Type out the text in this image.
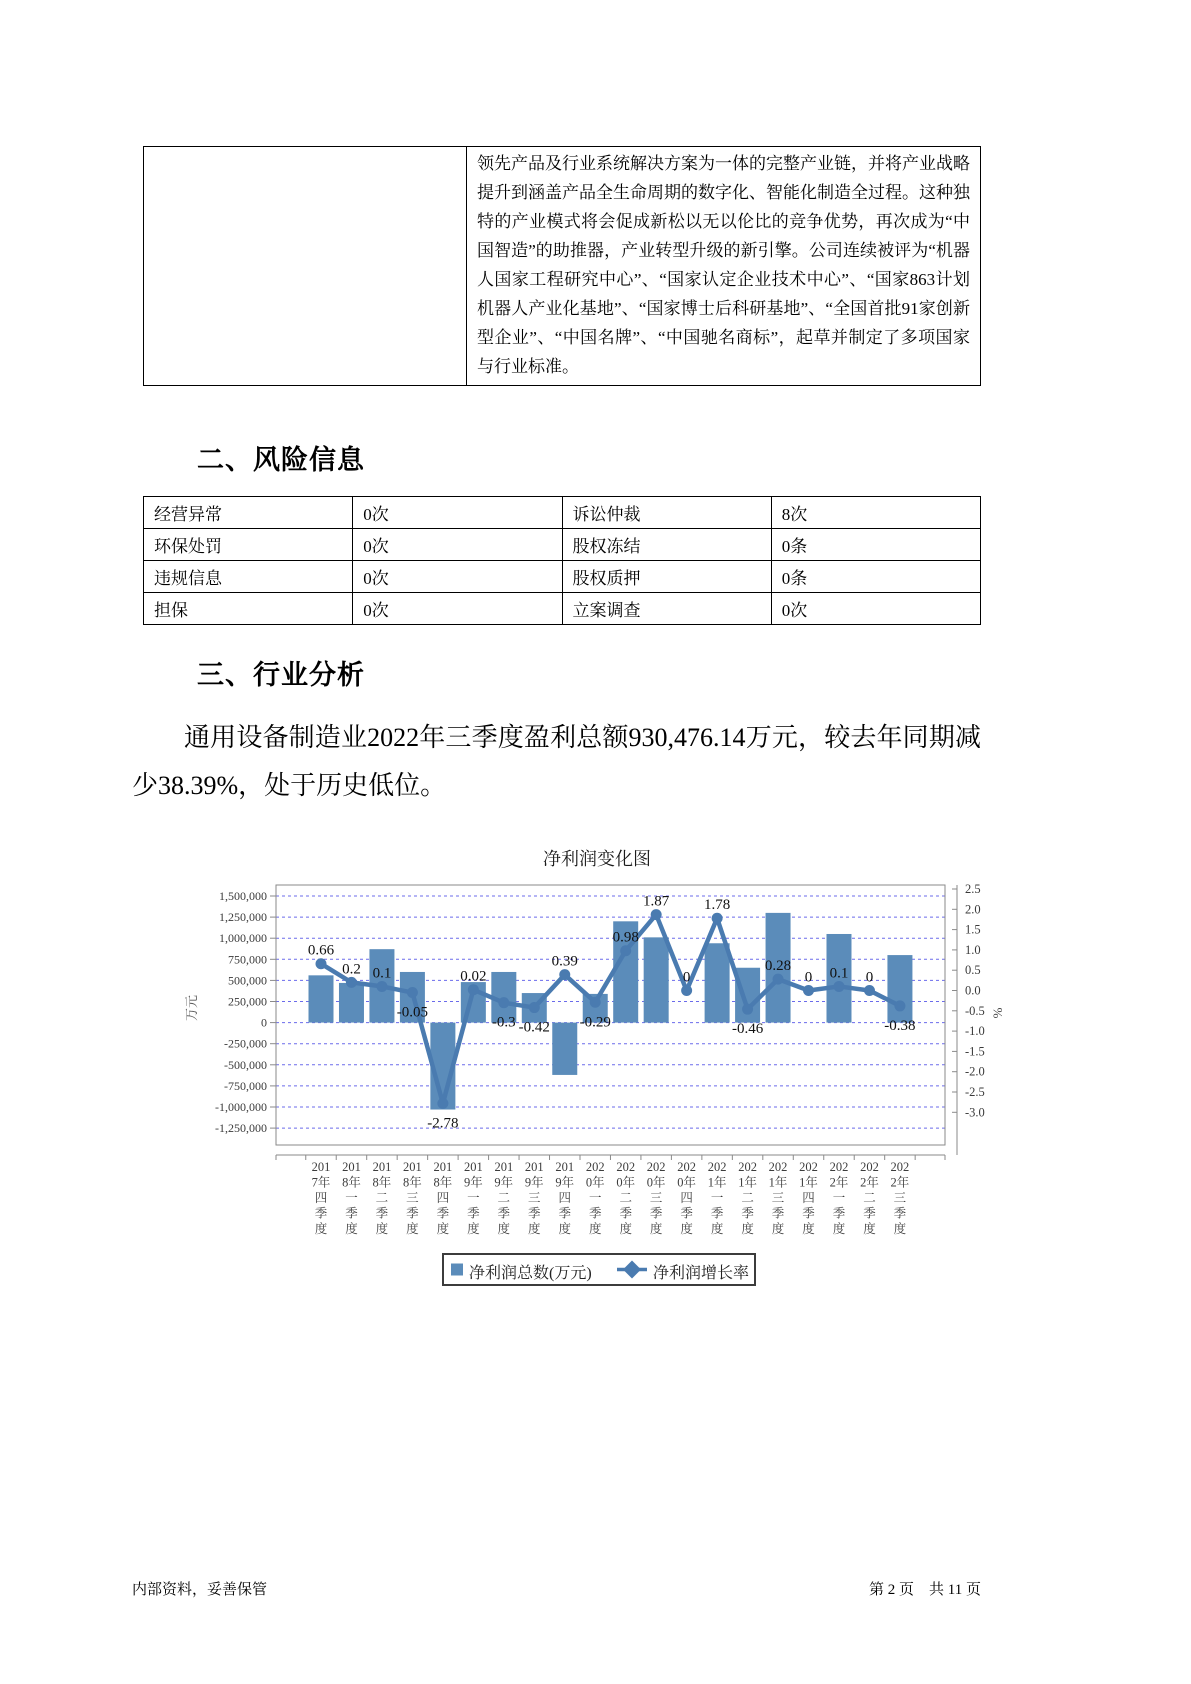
	领先产品及行业系统解决方案为一体的完整产业链，并将产业战略提升到涵盖产品全生命周期的数字化、智能化制造全过程。这种独特的产业模式将会促成新松以无以伦比的竞争优势，再次成为“中国智造”的助推器，产业转型升级的新引擎。公司连续被评为“机器人国家工程研究中心”、“国家认定企业技术中心”、“国家863计划机器人产业化基地”、“国家博士后科研基地”、“全国首批91家创新型企业”、“中国名牌”、“中国驰名商标”，起草并制定了多项国家与行业标准。
二、风险信息
经营异常	0次	诉讼仲裁	8次
环保处罚	0次	股权冻结	0条
违规信息	0次	股权质押	0条
担保	0次	立案调查	0次
三、行业分析

通用设备制造业2022年三季度盈利总额930,476.14万元，较去年同期减少38.39%，处于历史低位。

净利润变化图
1,500,000
1,250,000
1,000,000
750,000
500,000
250,000
0
-250,000
-500,000
-750,000
-1,000,000
-1,250,000
万元
2.5
2.0
1.5
1.0
0.5
0.0
-0.5
-1.0
-1.5
-2.0
-2.5
-3.0
%
0.66
0.2 0.1
-0.05
-2.78
0.02
-0.3 -0.42
0.39
-0.29
0.98
1.87
0
1.78
-0.46
0.28
0 0.1 0
-0.38
201 7年四季度
201 8年一季度
201 8年二季度
201 8年三季度
201 8年四季度
201 9年一季度
201 9年二季度
201 9年三季度
201 9年四季度
202 0年一季度
202 0年二季度
202 0年三季度
202 0年四季度
202 1年一季度
202 1年二季度
202 1年三季度
202 1年四季度
202 2年一季度
202 2年二季度
202 2年三季度
净利润总数(万元)	净利润增长率
内部资料，妥善保管	第 2 页　共 11 页
